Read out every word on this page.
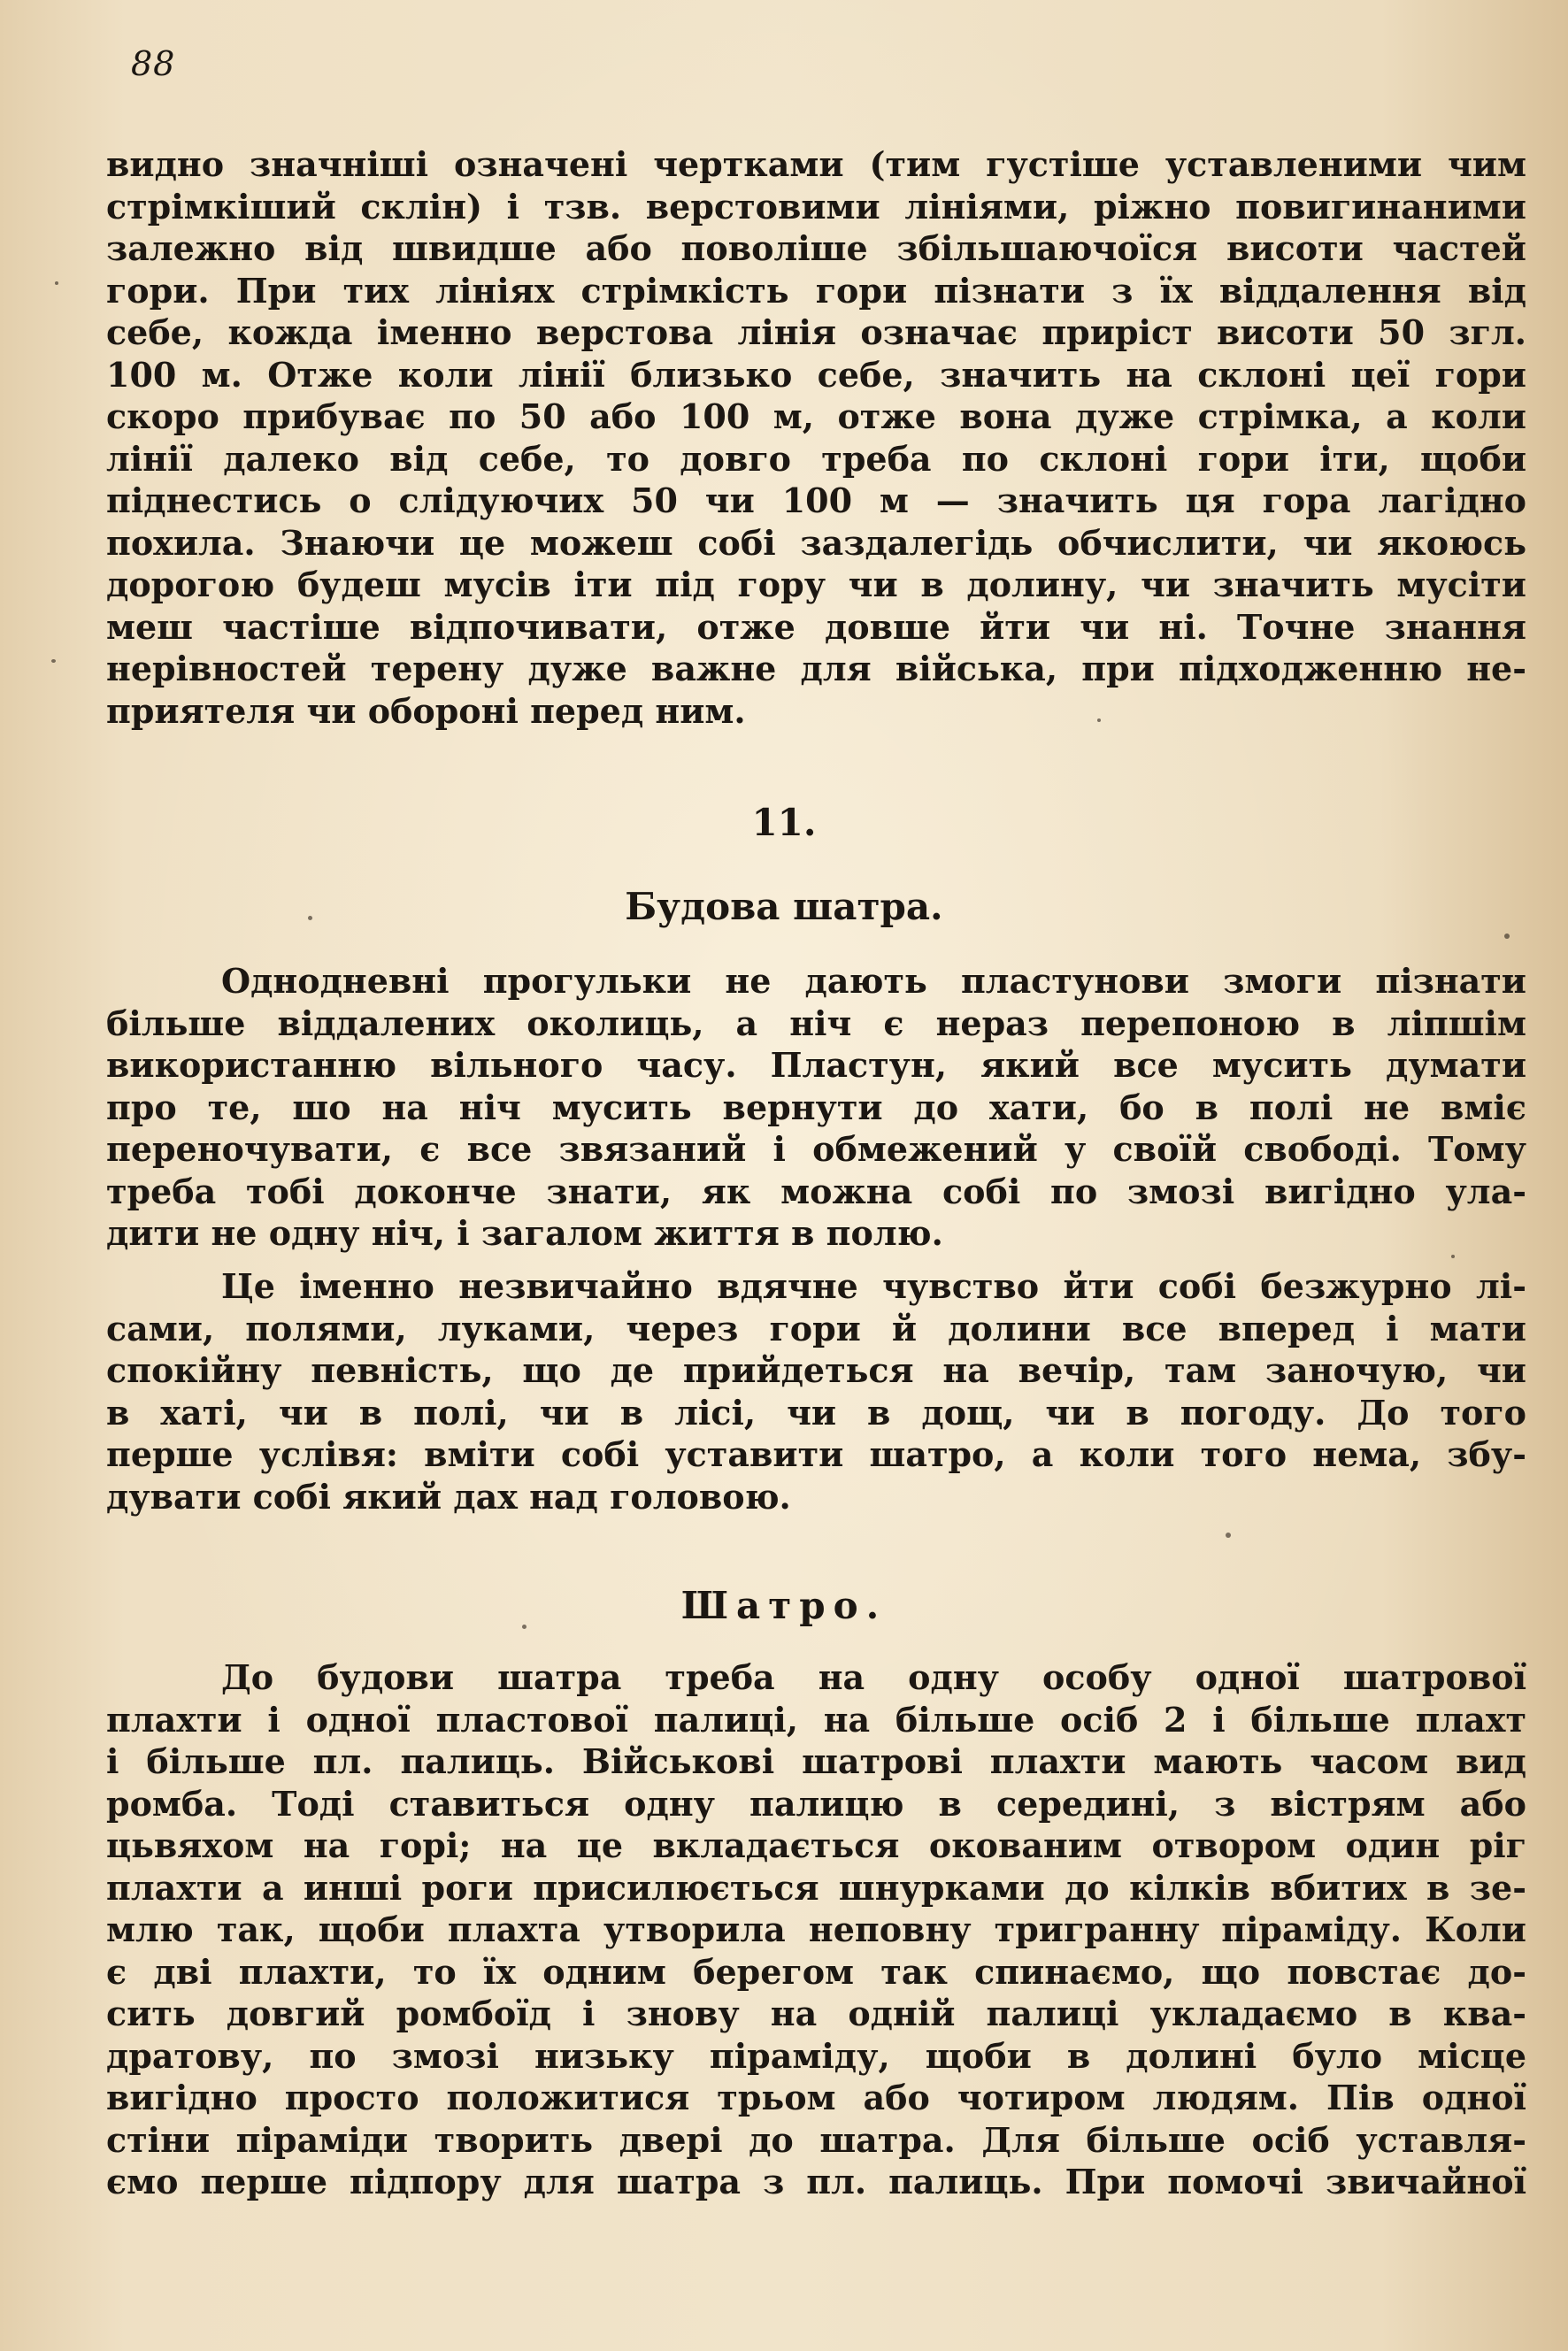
88
видно значніші означені чертками (тим густіше уставленими чим
стрімкіший склін) і тзв. верстовими лініями, ріжно повигинаними
залежно від швидше або поволіше збільшаючоїся висоти частей
гори. При тих лініях стрімкість гори пізнати з їх віддалення від
себе, кожда іменно верстова лінія означає приріст висоти 50 згл.
100 м. Отже коли лінії близько себе, значить на склоні цеї гори
скоро прибуває по 50 або 100 м, отже вона дуже стрімка, а коли
лінії далеко від себе, то довго треба по склоні гори іти, щоби
піднестись о слідуючих 50 чи 100 м — значить ця гора лагідно
похила. Знаючи це можеш собі заздалегідь обчислити, чи якоюсь
дорогою будеш мусів іти під гору чи в долину, чи значить мусіти
меш частіше відпочивати, отже довше йти чи ні. Точне знання
нерівностей терену дуже важне для війська, при підходженню не-
приятеля чи обороні перед ним.
11.
Будова шатра.
Однодневні прогульки не дають пластунови змоги пізнати
більше віддалених околиць, а ніч є нераз перепоною в ліпшім
використанню вільного часу. Пластун, який все мусить думати
про те, шо на ніч мусить вернути до хати, бо в полі не вміє
переночувати, є все звязаний і обмежений у своїй свободі. Тому
треба тобі доконче знати, як можна собі по змозі вигідно ула-
дити не одну ніч, і загалом життя в полю.
Це іменно незвичайно вдячне чувство йти собі безжурно лі-
сами, полями, луками, через гори й долини все вперед і мати
спокійну певність, що де прийдеться на вечір, там заночую, чи
в хаті, чи в полі, чи в лісі, чи в дощ, чи в погоду. До того
перше услівя: вміти собі уставити шатро, а коли того нема, збу-
дувати собі який дах над головою.
Шатро.
До будови шатра треба на одну особу одної шатрової
плахти і одної пластової палиці, на більше осіб 2 і більше плахт
і більше пл. палиць. Військові шатрові плахти мають часом вид
ромба. Тоді ставиться одну палицю в середині, з вістрям або
цьвяхом на горі; на це вкладається окованим отвором один ріг
плахти а инші роги присилюється шнурками до кілків вбитих в зе-
млю так, щоби плахта утворила неповну триграннy піраміду. Коли
є дві плахти, то їх одним берегом так спинаємо, що повстає до-
сить довгий ромбоїд і знову на одній палиці укладаємо в ква-
дратову, по змозі низьку піраміду, щоби в долині було місце
вигідно просто положитися трьом або чотиром людям. Пів одної
стіни піраміди творить двері до шатра. Для більше осіб уставля-
ємо перше підпору для шатра з пл. палиць. При помочі звичайної
